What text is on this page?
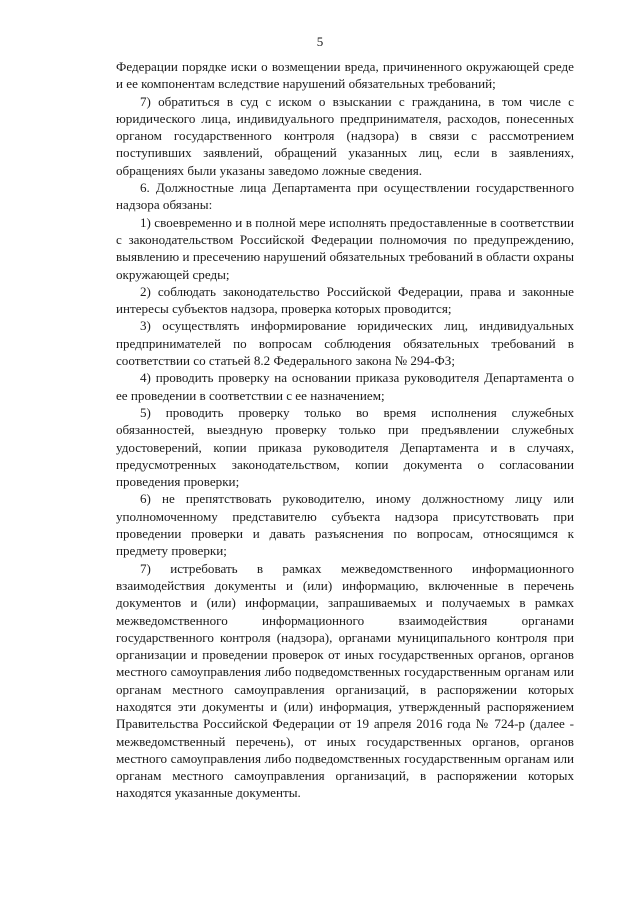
5

Федерации порядке иски о возмещении вреда, причиненного окружающей среде и ее компонентам вследствие нарушений обязательных требований;

7) обратиться в суд с иском о взыскании с гражданина, в том числе с юридического лица, индивидуального предпринимателя, расходов, понесенных органом государственного контроля (надзора) в связи с рассмотрением поступивших заявлений, обращений указанных лиц, если в заявлениях, обращениях были указаны заведомо ложные сведения.

6. Должностные лица Департамента при осуществлении государственного надзора обязаны:

1) своевременно и в полной мере исполнять предоставленные в соответствии с законодательством Российской Федерации полномочия по предупреждению, выявлению и пресечению нарушений обязательных требований в области охраны окружающей среды;

2) соблюдать законодательство Российской Федерации, права и законные интересы субъектов надзора, проверка которых проводится;

3) осуществлять информирование юридических лиц, индивидуальных предпринимателей по вопросам соблюдения обязательных требований в соответствии со статьей 8.2 Федерального закона № 294-ФЗ;

4) проводить проверку на основании приказа руководителя Департамента о ее проведении в соответствии с ее назначением;

5) проводить проверку только во время исполнения служебных обязанностей, выездную проверку только при предъявлении служебных удостоверений, копии приказа руководителя Департамента и в случаях, предусмотренных законодательством, копии документа о согласовании проведения проверки;

6) не препятствовать руководителю, иному должностному лицу или уполномоченному представителю субъекта надзора присутствовать при проведении проверки и давать разъяснения по вопросам, относящимся к предмету проверки;

7) истребовать в рамках межведомственного информационного взаимодействия документы и (или) информацию, включенные в перечень документов и (или) информации, запрашиваемых и получаемых в рамках межведомственного информационного взаимодействия органами государственного контроля (надзора), органами муниципального контроля при организации и проведении проверок от иных государственных органов, органов местного самоуправления либо подведомственных государственным органам или органам местного самоуправления организаций, в распоряжении которых находятся эти документы и (или) информация, утвержденный распоряжением Правительства Российской Федерации от 19 апреля 2016 года № 724-р (далее - межведомственный перечень), от иных государственных органов, органов местного самоуправления либо подведомственных государственным органам или органам местного самоуправления организаций, в распоряжении которых находятся указанные документы.
